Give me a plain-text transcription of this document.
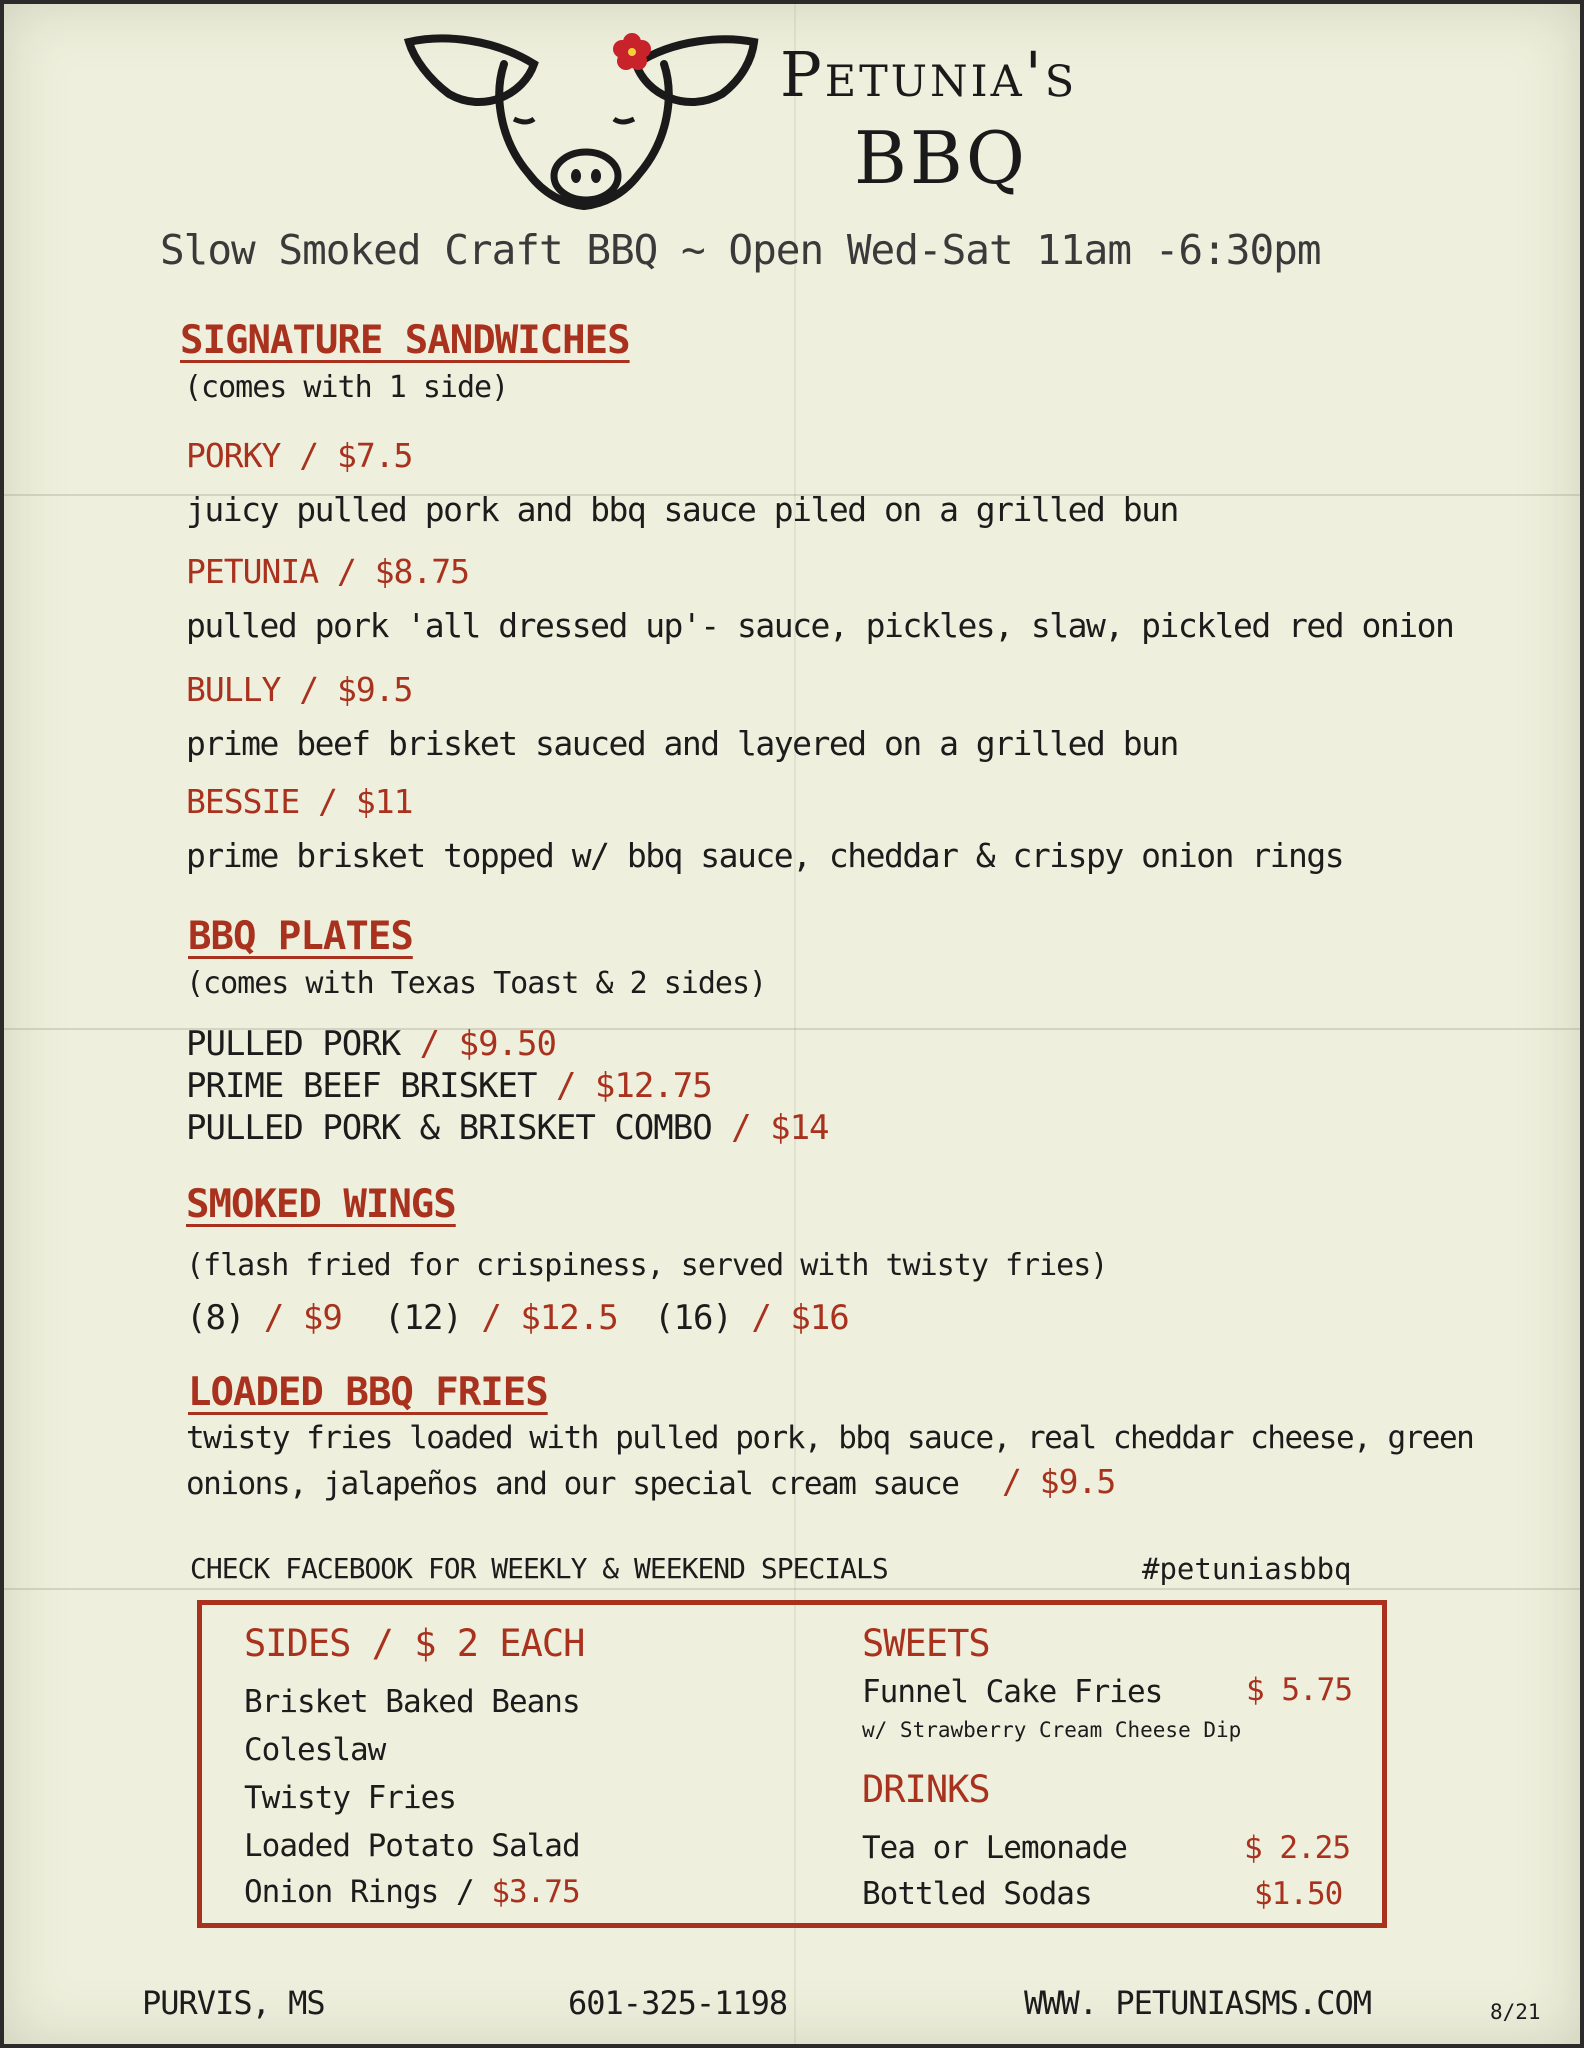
Petunia's
BBQ
Slow Smoked Craft BBQ ~ Open Wed-Sat 11am -6:30pm
SIGNATURE SANDWICHES
(comes with 1 side)
PORKY / $7.5
juicy pulled pork and bbq sauce piled on a grilled bun
PETUNIA / $8.75
pulled pork 'all dressed up'- sauce, pickles, slaw, pickled red onion
BULLY / $9.5
prime beef brisket sauced and layered on a grilled bun
BESSIE / $11
prime brisket topped w/ bbq sauce, cheddar & crispy onion rings
BBQ PLATES
(comes with Texas Toast & 2 sides)
PULLED PORK / $9.50
PRIME BEEF BRISKET / $12.75
PULLED PORK & BRISKET COMBO / $14
SMOKED WINGS
(flash fried for crispiness, served with twisty fries)
(8) / $9 (12) / $12.5 (16) / $16
LOADED BBQ FRIES
twisty fries loaded with pulled pork, bbq sauce, real cheddar cheese, green
onions, jalapeños and our special cream sauce / $9.5
CHECK FACEBOOK FOR WEEKLY & WEEKEND SPECIALS	#petuniasbbq
SIDES / $ 2 EACH
Brisket Baked Beans
Coleslaw
Twisty Fries
Loaded Potato Salad
Onion Rings / $3.75
SWEETS
Funnel Cake Fries	$ 5.75
w/ Strawberry Cream Cheese Dip
DRINKS
Tea or Lemonade	$ 2.25
Bottled Sodas	$1.50
PURVIS, MS	601-325-1198	WWW. PETUNIASMS.COM	8/21
